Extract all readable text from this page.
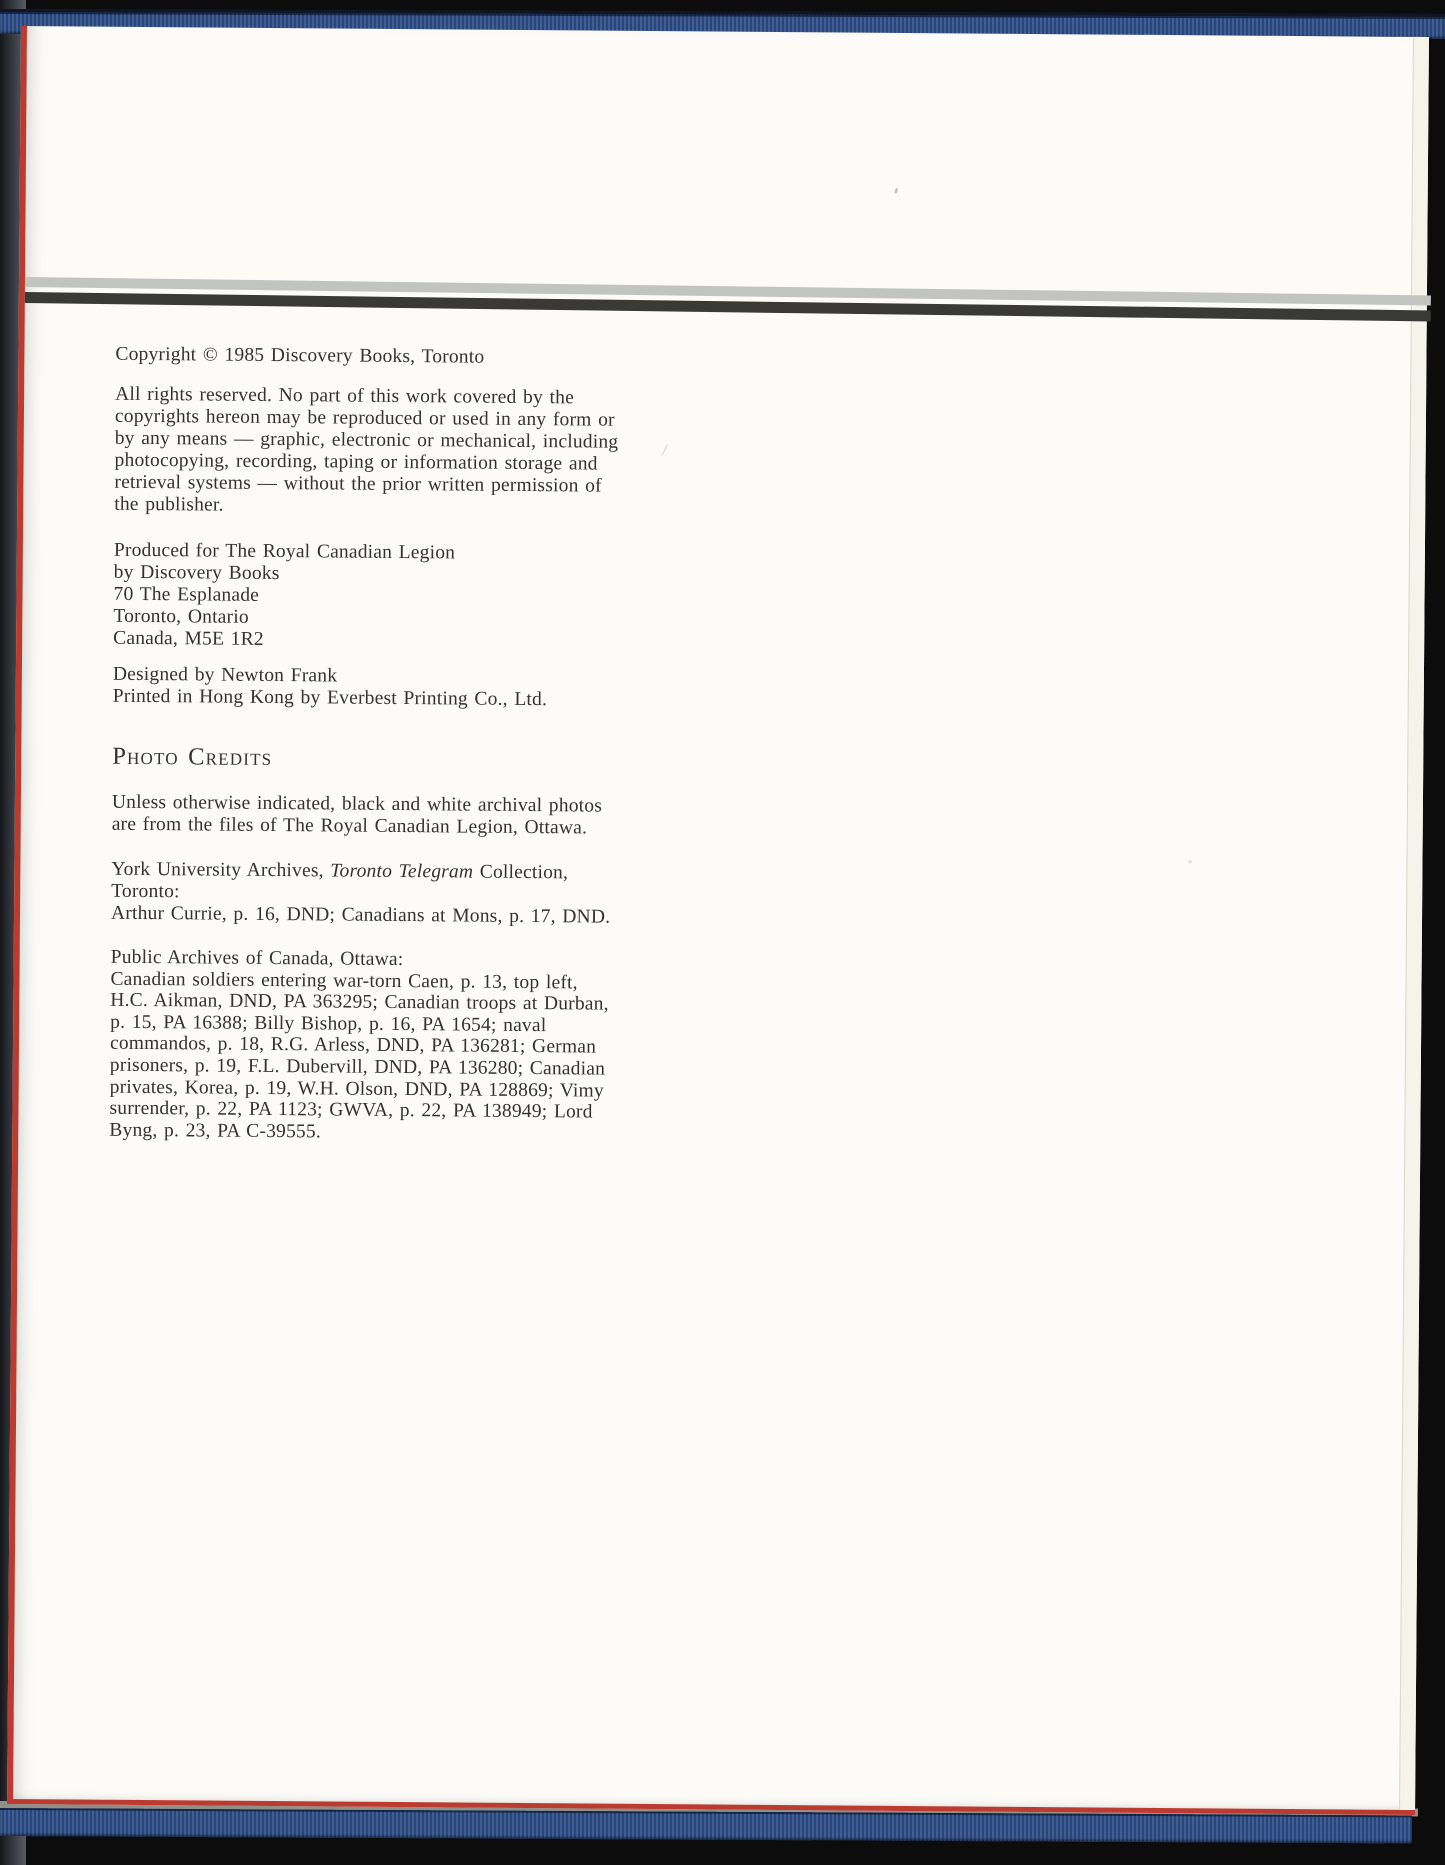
Copyright © 1985 Discovery Books, Toronto
All rights reserved. No part of this work covered by the
copyrights hereon may be reproduced or used in any form or
by any means — graphic, electronic or mechanical, including
photocopying, recording, taping or information storage and
retrieval systems — without the prior written permission of
the publisher.
Produced for The Royal Canadian Legion
by Discovery Books
70 The Esplanade
Toronto, Ontario
Canada, M5E 1R2
Designed by Newton Frank
Printed in Hong Kong by Everbest Printing Co., Ltd.
Photo Credits
Unless otherwise indicated, black and white archival photos
are from the files of The Royal Canadian Legion, Ottawa.
York University Archives, Toronto Telegram Collection,
Toronto:
Arthur Currie, p. 16, DND; Canadians at Mons, p. 17, DND.
Public Archives of Canada, Ottawa:
Canadian soldiers entering war-torn Caen, p. 13, top left,
H.C. Aikman, DND, PA 363295; Canadian troops at Durban,
p. 15, PA 16388; Billy Bishop, p. 16, PA 1654; naval
commandos, p. 18, R.G. Arless, DND, PA 136281; German
prisoners, p. 19, F.L. Dubervill, DND, PA 136280; Canadian
privates, Korea, p. 19, W.H. Olson, DND, PA 128869; Vimy
surrender, p. 22, PA 1123; GWVA, p. 22, PA 138949; Lord
Byng, p. 23, PA C-39555.
